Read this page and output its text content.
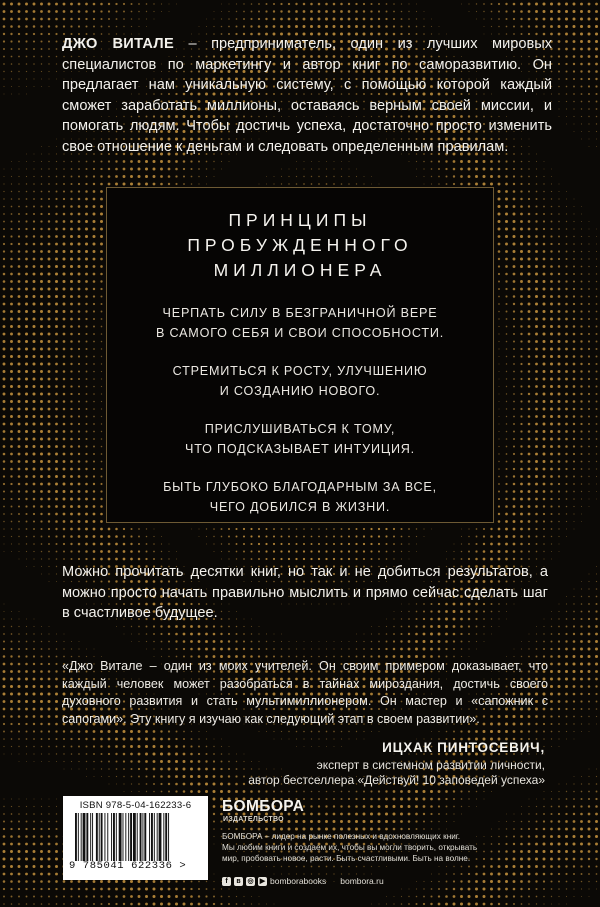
ДЖО ВИТАЛЕ – предприниматель, один из лучших мировых специалистов по маркетингу и автор книг по саморазвитию. Он предлагает нам уникальную систему, с помощью которой каждый сможет заработать миллионы, оставаясь верным своей миссии, и помогать людям. Чтобы достичь успеха, достаточно просто изменить свое отношение к деньгам и следовать определенным правилам.
ПРИНЦИПЫ
ПРОБУЖДЕННОГО
МИЛЛИОНЕРА
ЧЕРПАТЬ СИЛУ В БЕЗГРАНИЧНОЙ ВЕРЕ
В САМОГО СЕБЯ И СВОИ СПОСОБНОСТИ.
СТРЕМИТЬСЯ К РОСТУ, УЛУЧШЕНИЮ
И СОЗДАНИЮ НОВОГО.
ПРИСЛУШИВАТЬСЯ К ТОМУ,
ЧТО ПОДСКАЗЫВАЕТ ИНТУИЦИЯ.
БЫТЬ ГЛУБОКО БЛАГОДАРНЫМ ЗА ВСЕ,
ЧЕГО ДОБИЛСЯ В ЖИЗНИ.
Можно прочитать десятки книг, но так и не добиться результатов, а можно просто начать правильно мыслить и прямо сейчас сделать шаг в счастливое будущее.
«Джо Витале – один из моих учителей. Он своим примером доказывает, что каждый человек может разобраться в тайнах мироздания, достичь своего духовного развития и стать мультимиллионером. Он мастер и «сапожник с сапогами». Эту книгу я изучаю как следующий этап в своем развитии».
ИЦХАК ПИНТОСЕВИЧ,
эксперт в системном развитии личности,
автор бестселлера «Действуй! 10 заповедей успеха»
ISBN 978-5-04-162233-6
9 785041 622336 >
БОМБОРА
ИЗДАТЕЛЬСТВО
БОМБОРА – лидер на рынке полезных и вдохновляющих книг.
Мы любим книги и создаем их, чтобы вы могли творить, открывать
мир, пробовать новое, расти. Быть счастливыми. Быть на волне.
f	в ◎ ▶ bomborabooks bombora.ru
